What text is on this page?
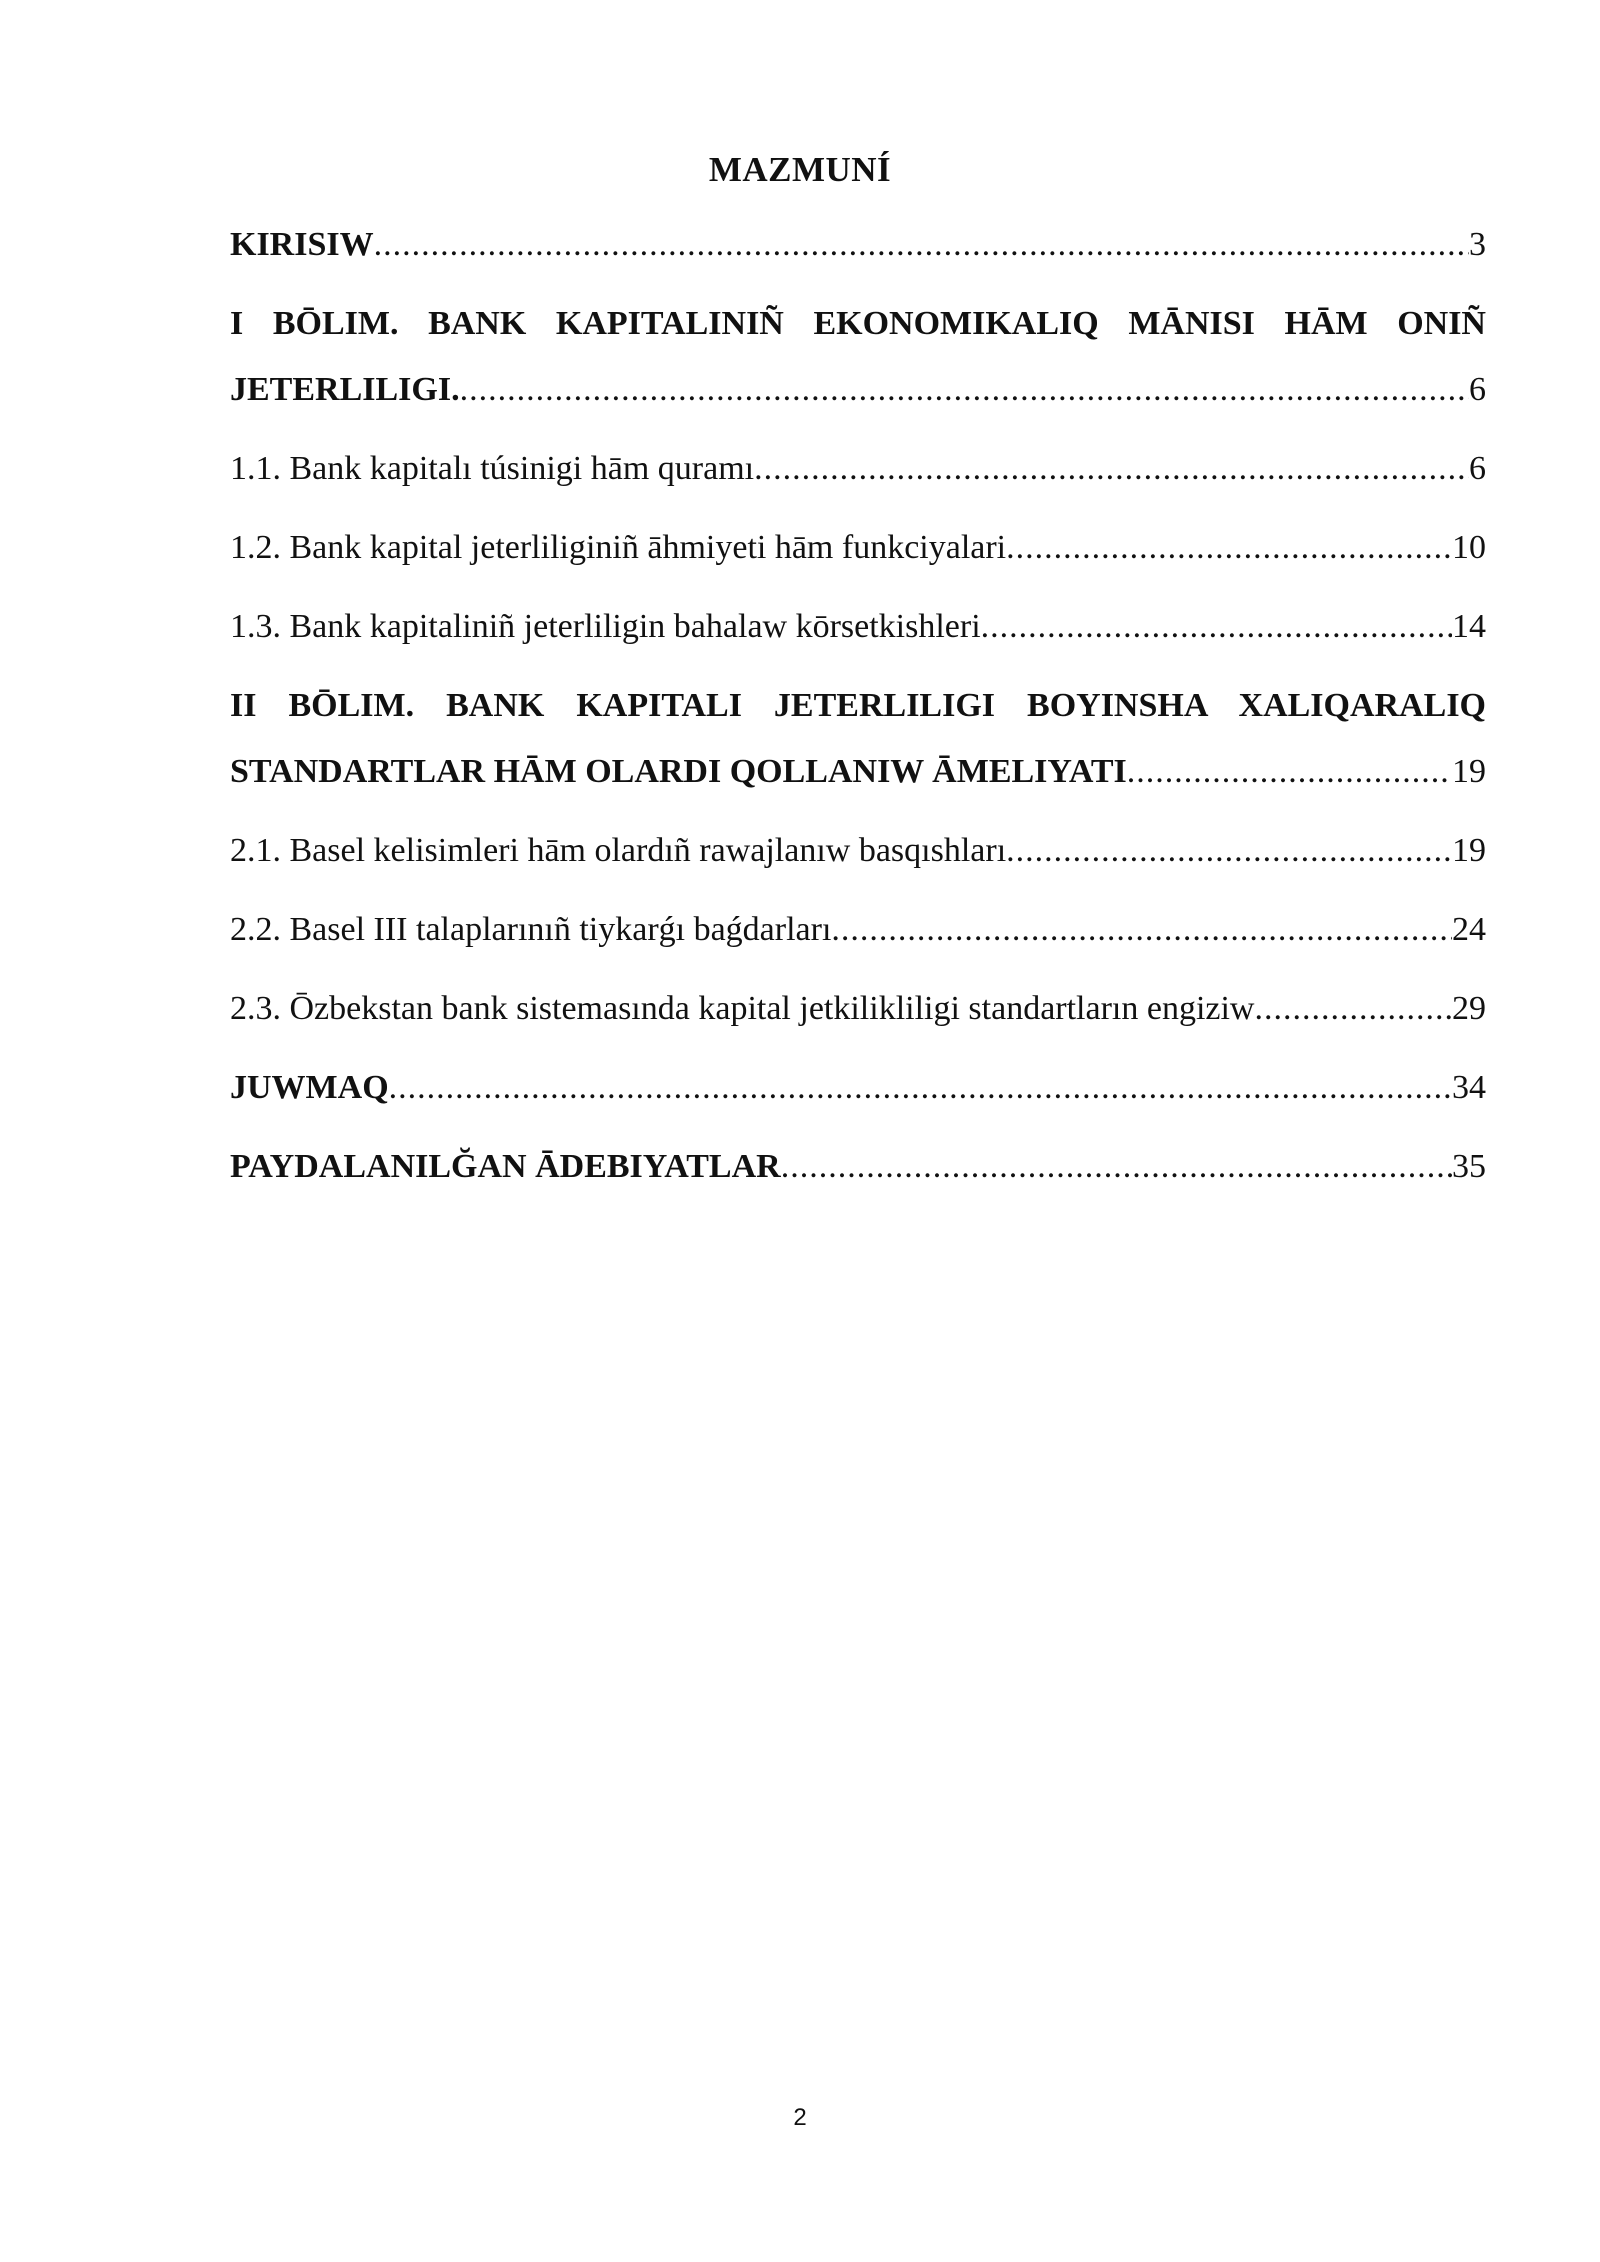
MAZMUNÍ
KIRISIW .....	3
I BŌLIM. BANK KAPITALINIÑ EKONOMIKALIQ MĀNISI HĀM ONIÑ
JETERLILIGI. .....	6
1.1. Bank kapitalı túsinigi hām quramı .....	6
1.2. Bank kapital jeterliliginiñ āhmiyeti hām funkciyalari .....	10
1.3. Bank kapitaliniñ jeterliligin bahalaw kōrsetkishleri .....	14
II BŌLIM. BANK KAPITALI JETERLILIGI BOYINSHA XALIQARALIQ
STANDARTLAR HĀM OLARDI QOLLANIW ĀMELIYATI .....	19
2.1. Basel kelisimleri hām olardıñ rawajlanıw basqıshları .....	19
2.2. Basel III talaplarınıñ tiykarǵı baǵdarları .....	24
2.3. Ōzbekstan bank sistemasında kapital jetkilikliligi standartların engiziw .....	29
JUWMAQ .....	34
PAYDALANILĞAN ĀDEBIYATLAR .....	35
2
